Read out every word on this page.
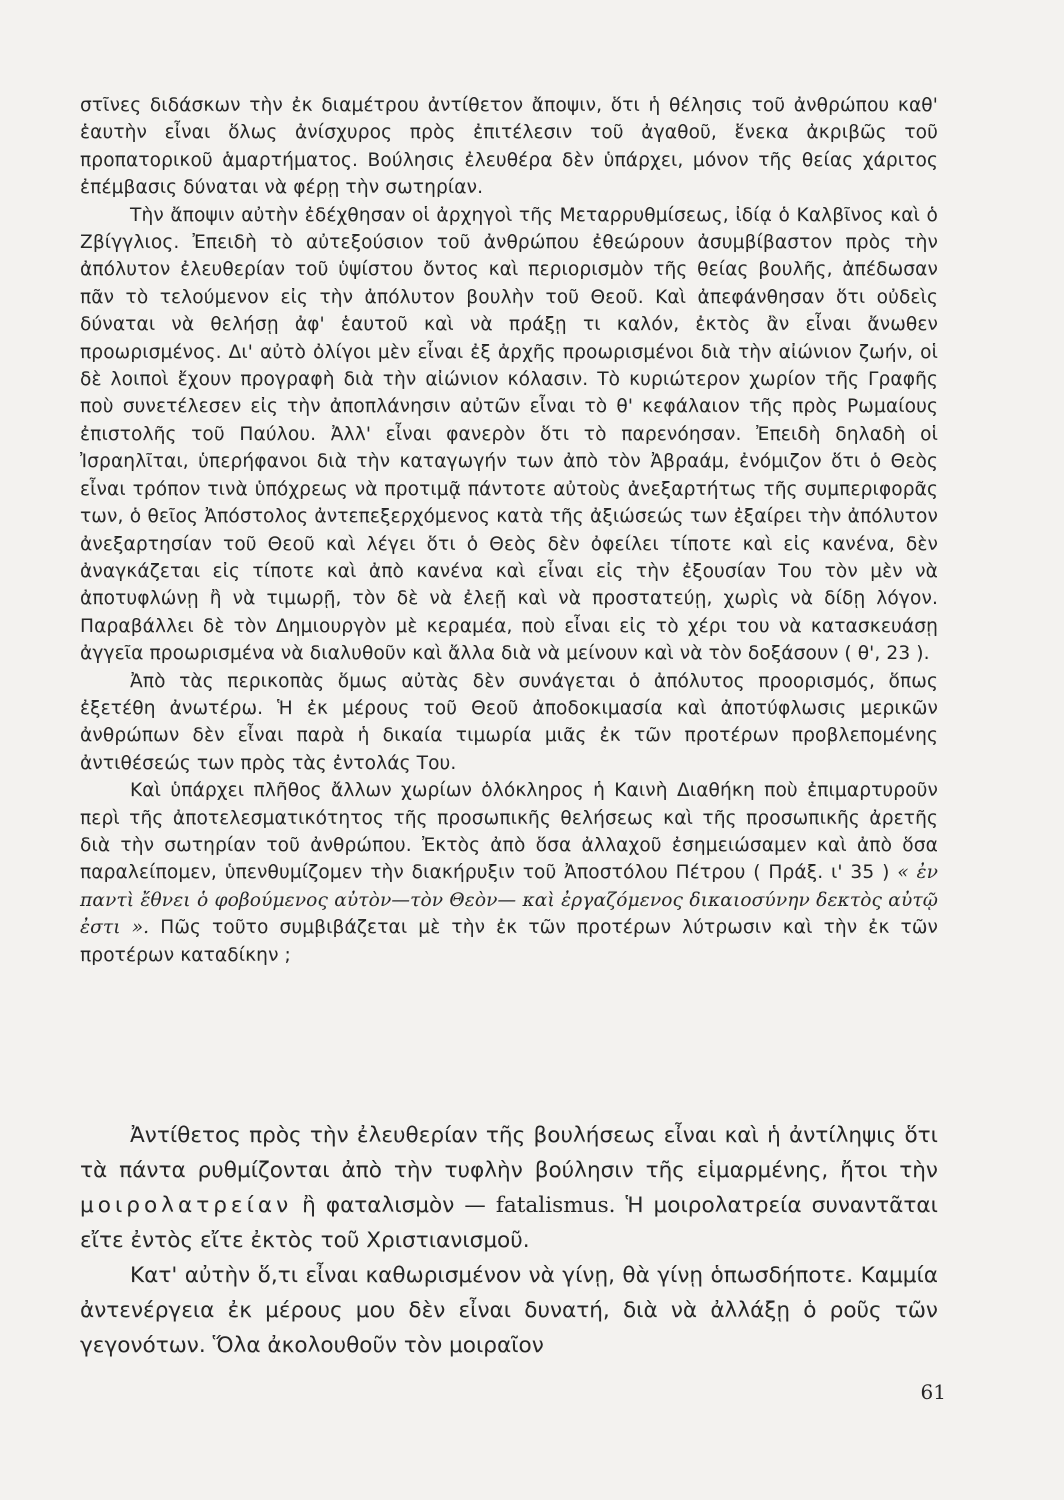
στῖνες διδάσκων τὴν ἐκ διαμέτρου ἀντίθετον ἄποψιν, ὅτι ἡ θέλησις τοῦ ἀνθρώπου καθ' ἑαυτὴν εἶναι ὅλως ἀνίσχυρος πρὸς ἐπιτέλεσιν τοῦ ἀγαθοῦ, ἕνεκα ἀκριβῶς τοῦ προπατορικοῦ ἁμαρτήματος. Βούλησις ἐλευθέρα δὲν ὑπάρχει, μόνον τῆς θείας χάριτος ἐπέμβασις δύναται νὰ φέρῃ τὴν σωτηρίαν.

Τὴν ἄποψιν αὐτὴν ἐδέχθησαν οἱ ἀρχηγοὶ τῆς Μεταρρυθμίσεως, ἰδίᾳ ὁ Καλβῖνος καὶ ὁ Ζβίγγλιος. Ἐπειδὴ τὸ αὐτεξούσιον τοῦ ἀνθρώπου ἐθεώρουν ἀσυμβίβαστον πρὸς τὴν ἀπόλυτον ἐλευθερίαν τοῦ ὑψίστου ὄντος καὶ περιορισμὸν τῆς θείας βουλῆς, ἀπέδωσαν πᾶν τὸ τελούμενον εἰς τὴν ἀπόλυτον βουλὴν τοῦ Θεοῦ. Καὶ ἀπεφάνθησαν ὅτι οὐδεὶς δύναται νὰ θελήσῃ ἀφ' ἑαυτοῦ καὶ νὰ πράξῃ τι καλόν, ἐκτὸς ἂν εἶναι ἄνωθεν προωρισμένος. Δι' αὐτὸ ὀλίγοι μὲν εἶναι ἐξ ἀρχῆς προωρισμένοι διὰ τὴν αἰώνιον ζωήν, οἱ δὲ λοιποὶ ἔχουν προγραφὴ διὰ τὴν αἰώνιον κόλασιν. Τὸ κυριώτερον χωρίον τῆς Γραφῆς ποὺ συνετέλεσεν εἰς τὴν ἀποπλάνησιν αὐτῶν εἶναι τὸ θ' κεφάλαιον τῆς πρὸς Ρωμαίους ἐπιστολῆς τοῦ Παύλου. Ἀλλ' εἶναι φανερὸν ὅτι τὸ παρενόησαν. Ἐπειδὴ δηλαδὴ οἱ Ἰσραηλῖται, ὑπερήφανοι διὰ τὴν καταγωγήν των ἀπὸ τὸν Ἀβραάμ, ἐνόμιζον ὅτι ὁ Θεὸς εἶναι τρόπον τινὰ ὑπόχρεως νὰ προτιμᾷ πάντοτε αὐτοὺς ἀνεξαρτήτως τῆς συμπεριφορᾶς των, ὁ θεῖος Ἀπόστολος ἀντεπεξερχόμενος κατὰ τῆς ἀξιώσεώς των ἐξαίρει τὴν ἀπόλυτον ἀνεξαρτησίαν τοῦ Θεοῦ καὶ λέγει ὅτι ὁ Θεὸς δὲν ὀφείλει τίποτε καὶ εἰς κανένα, δὲν ἀναγκάζεται εἰς τίποτε καὶ ἀπὸ κανένα καὶ εἶναι εἰς τὴν ἐξουσίαν Του τὸν μὲν νὰ ἀποτυφλώνῃ ἢ νὰ τιμωρῇ, τὸν δὲ νὰ ἐλεῇ καὶ νὰ προστατεύῃ, χωρὶς νὰ δίδῃ λόγον. Παραβάλλει δὲ τὸν Δημιουργὸν μὲ κεραμέα, ποὺ εἶναι εἰς τὸ χέρι του νὰ κατασκευάσῃ ἀγγεῖα προωρισμένα νὰ διαλυθοῦν καὶ ἄλλα διὰ νὰ μείνουν καὶ νὰ τὸν δοξάσουν ( θ', 23 ).

Ἀπὸ τὰς περικοπὰς ὅμως αὐτὰς δὲν συνάγεται ὁ ἀπόλυτος προορισμός, ὅπως ἐξετέθη ἀνωτέρω. Ἡ ἐκ μέρους τοῦ Θεοῦ ἀποδοκιμασία καὶ ἀποτύφλωσις μερικῶν ἀνθρώπων δὲν εἶναι παρὰ ἡ δικαία τιμωρία μιᾶς ἐκ τῶν προτέρων προβλεπομένης ἀντιθέσεώς των πρὸς τὰς ἐντολάς Του.

Καὶ ὑπάρχει πλῆθος ἄλλων χωρίων ὁλόκληρος ἡ Καινὴ Διαθήκη ποὺ ἐπιμαρτυροῦν περὶ τῆς ἀποτελεσματικότητος τῆς προσωπικῆς θελήσεως καὶ τῆς προσωπικῆς ἀρετῆς διὰ τὴν σωτηρίαν τοῦ ἀνθρώπου. Ἐκτὸς ἀπὸ ὅσα ἀλλαχοῦ ἐσημειώσαμεν καὶ ἀπὸ ὅσα παραλείπομεν, ὑπενθυμίζομεν τὴν διακήρυξιν τοῦ Ἀποστόλου Πέτρου ( Πράξ. ι' 35 ) « ἐν παντὶ ἔθνει ὁ φοβούμενος αὐτὸν—τὸν Θεὸν— καὶ ἐργαζόμενος δικαιοσύνην δεκτὸς αὐτῷ ἐστι ». Πῶς τοῦτο συμβιβάζεται μὲ τὴν ἐκ τῶν προτέρων λύτρωσιν καὶ τὴν ἐκ τῶν προτέρων καταδίκην ;

Ἀντίθετος πρὸς τὴν ἐλευθερίαν τῆς βουλήσεως εἶναι καὶ ἡ ἀντίληψις ὅτι τὰ πάντα ρυθμίζονται ἀπὸ τὴν τυφλὴν βούλησιν τῆς εἱμαρμένης, ἤτοι τὴν μοιρολατρείαν ἢ φαταλισμὸν — fatalismus. Ἡ μοιρολατρεία συναντᾶται εἴτε ἐντὸς εἴτε ἐκτὸς τοῦ Χριστιανισμοῦ.

Κατ' αὐτὴν ὅ,τι εἶναι καθωρισμένον νὰ γίνῃ, θὰ γίνῃ ὁπωσδήποτε. Καμμία ἀντενέργεια ἐκ μέρους μου δὲν εἶναι δυνατή, διὰ νὰ ἀλλάξῃ ὁ ροῦς τῶν γεγονότων. Ὅλα ἀκολουθοῦν τὸν μοιραῖον

61
